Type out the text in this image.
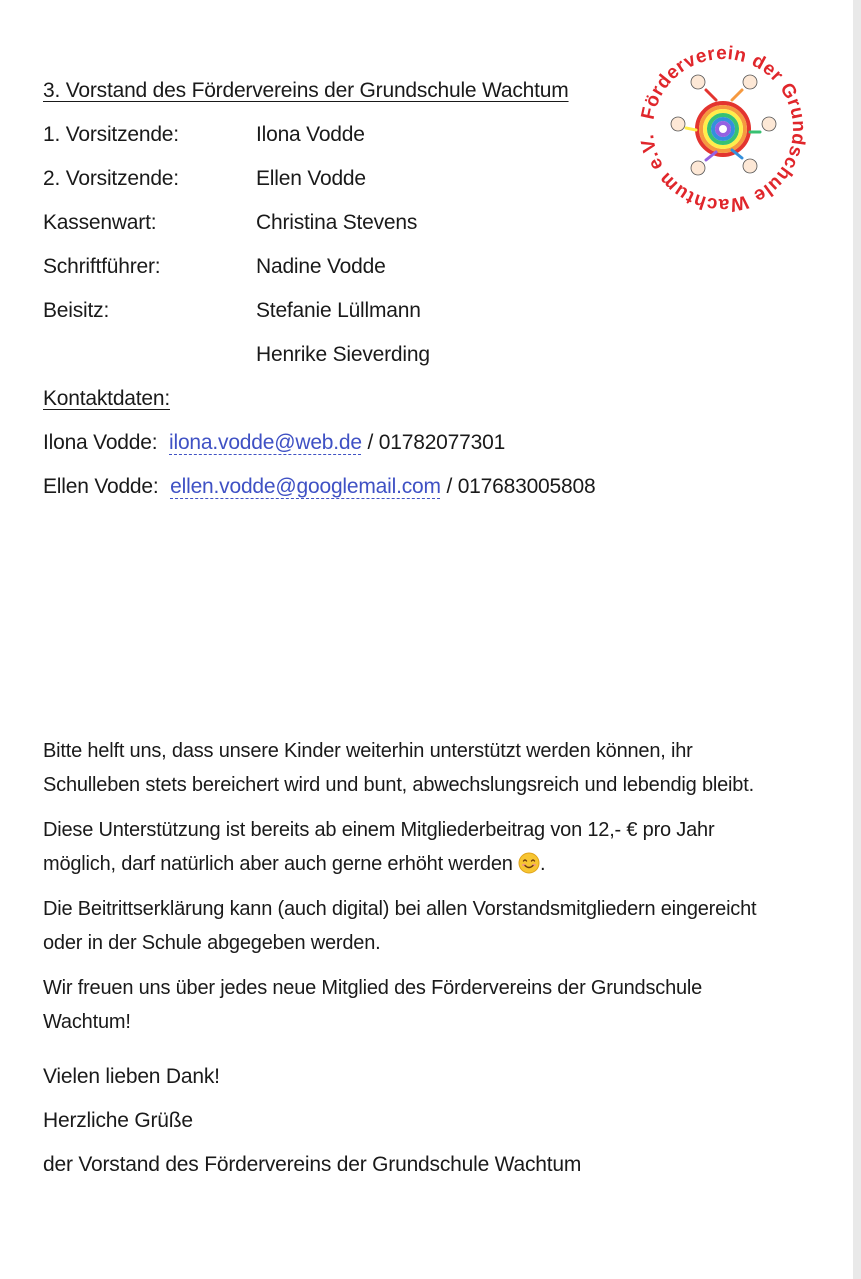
3. Vorstand des Fördervereins der Grundschule Wachtum
1. Vorsitzende:	Ilona Vodde
2. Vorsitzende:	Ellen Vodde
Kassenwart:	Christina Stevens
Schriftführer:	Nadine Vodde
Beisitz:	Stefanie Lüllmann
Henrike Sieverding
Kontaktdaten:
Ilona Vodde: ilona.vodde@web.de / 01782077301
Ellen Vodde: ellen.vodde@googlemail.com / 017683005808
Bitte helft uns, dass unsere Kinder weiterhin unterstützt werden können, ihr Schulleben stets bereichert wird und bunt, abwechslungsreich und lebendig bleibt.
Diese Unterstützung ist bereits ab einem Mitgliederbeitrag von 12,- € pro Jahr möglich, darf natürlich aber auch gerne erhöht werden .
Die Beitrittserklärung kann (auch digital) bei allen Vorstandsmitgliedern eingereicht oder in der Schule abgegeben werden.
Wir freuen uns über jedes neue Mitglied des Fördervereins der Grundschule Wachtum!
Vielen lieben Dank!
Herzliche Grüße
der Vorstand des Fördervereins der Grundschule Wachtum
Förderverein der Grundschule Wachtum e.V.
